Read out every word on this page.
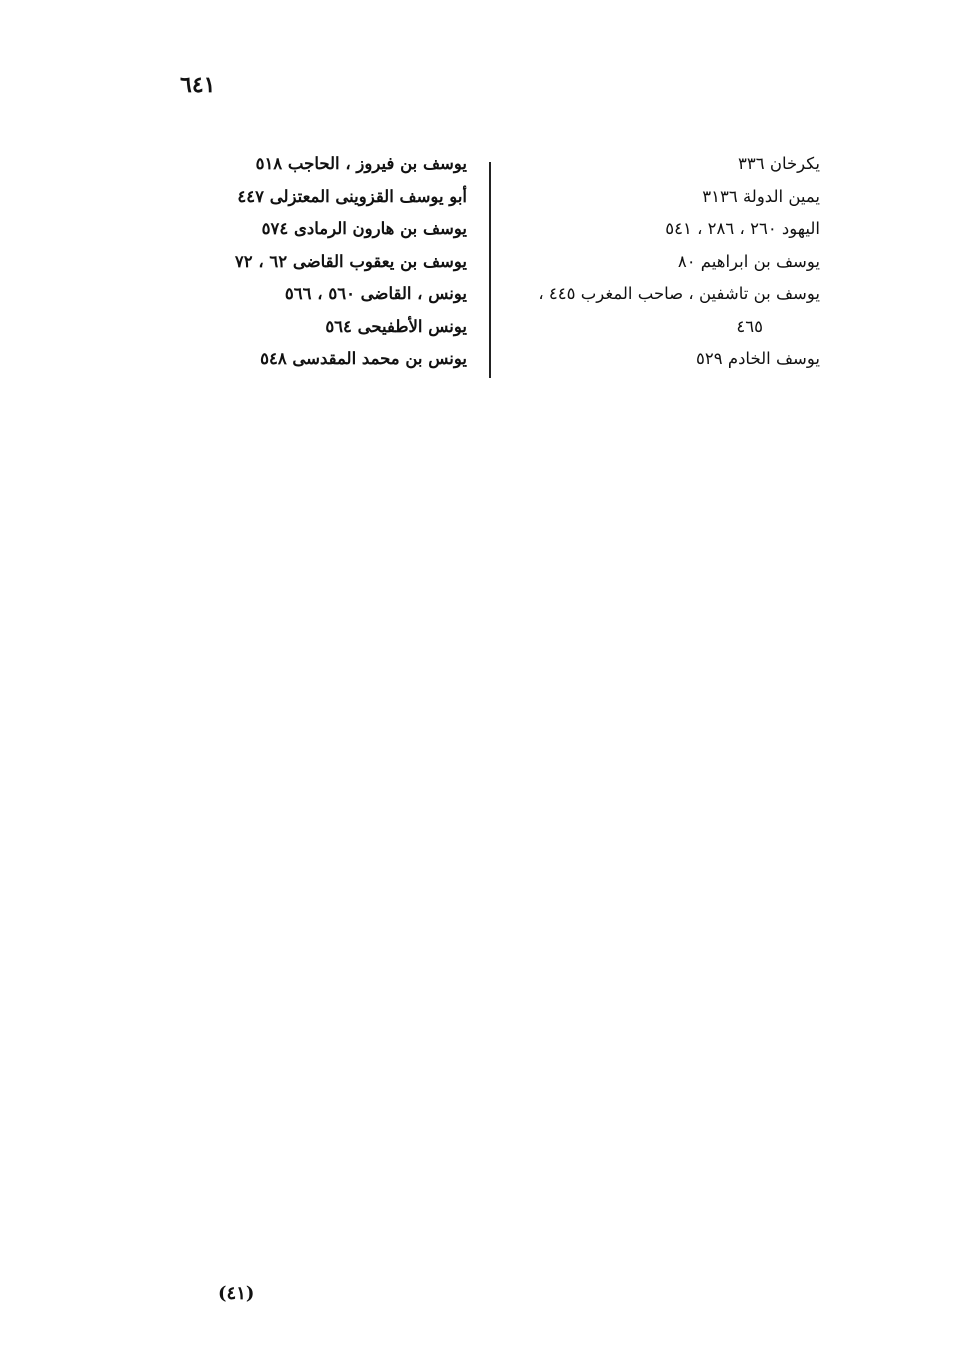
٦٤١
يكرخان ٣٣٦
يمين الدولة ٣١٣٦
اليهود ٢٦٠ ، ٢٨٦ ، ٥٤١
يوسف بن ابراهيم ٨٠
يوسف بن تاشفين ، صاحب المغرب ٤٤٥ ،
٤٦٥
يوسف الخادم ٥٢٩
يوسف بن فيروز ، الحاجب ٥١٨
أبو يوسف القزوينى المعتزلى ٤٤٧
يوسف بن هارون الرمادى ٥٧٤
يوسف بن يعقوب القاضى ٦٢ ، ٧٢
يونس ، القاضى ٥٦٠ ، ٥٦٦
يونس الأطفيحى ٥٦٤
يونس بن محمد المقدسى ٥٤٨
(٤١)
